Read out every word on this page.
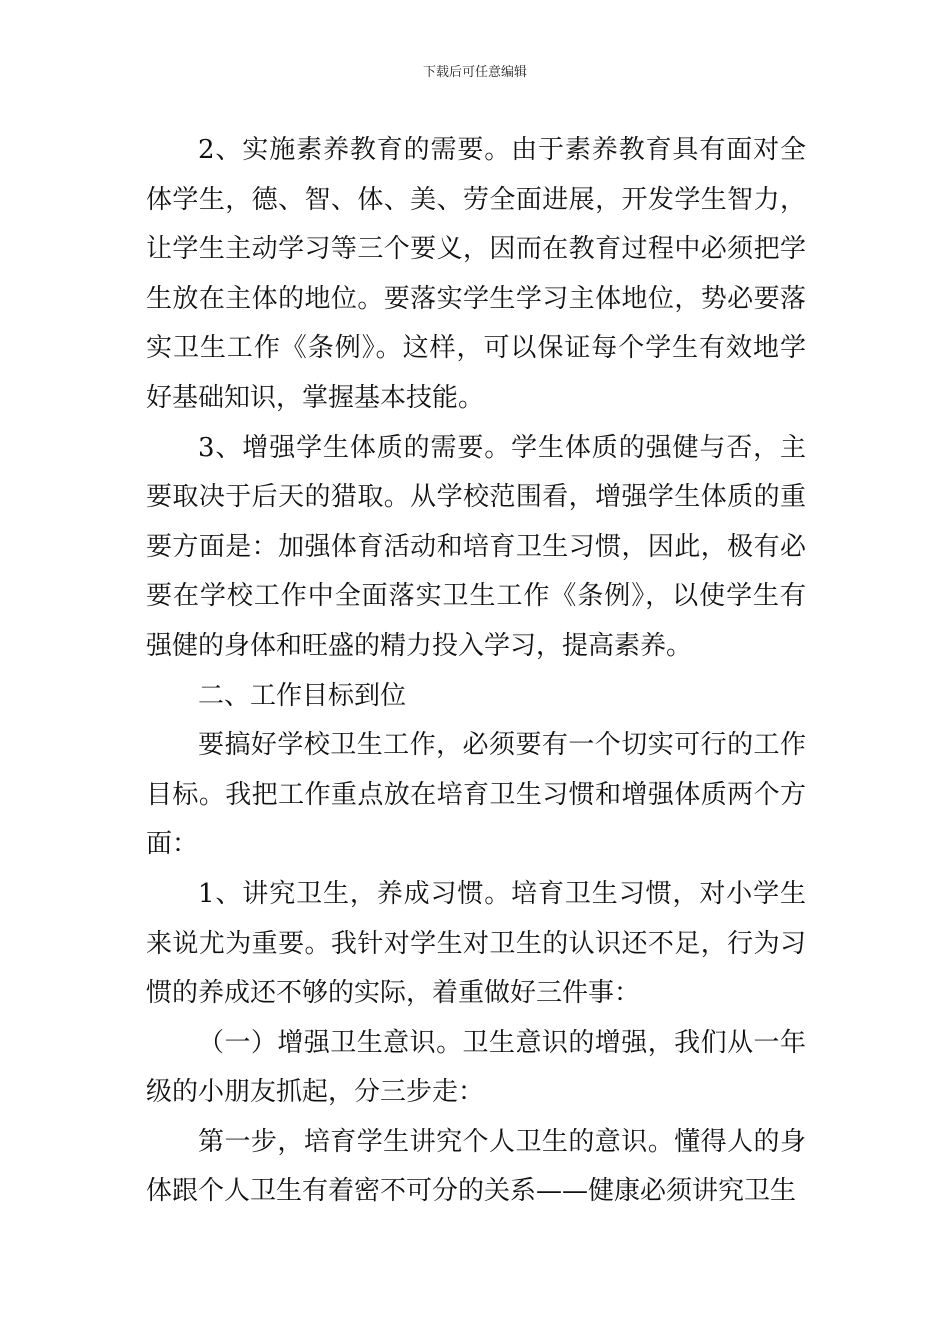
下载后可任意编辑

2、实施素养教育的需要。由于素养教育具有面对全体学生，德、智、体、美、劳全面进展，开发学生智力，让学生主动学习等三个要义，因而在教育过程中必须把学生放在主体的地位。要落实学生学习主体地位，势必要落实卫生工作《条例》。这样，可以保证每个学生有效地学好基础知识，掌握基本技能。

3、增强学生体质的需要。学生体质的强健与否，主要取决于后天的猎取。从学校范围看，增强学生体质的重要方面是：加强体育活动和培育卫生习惯，因此，极有必要在学校工作中全面落实卫生工作《条例》，以使学生有强健的身体和旺盛的精力投入学习，提高素养。

二、工作目标到位

要搞好学校卫生工作，必须要有一个切实可行的工作目标。我把工作重点放在培育卫生习惯和增强体质两个方面：

1、讲究卫生，养成习惯。培育卫生习惯，对小学生来说尤为重要。我针对学生对卫生的认识还不足，行为习惯的养成还不够的实际，着重做好三件事：

（一）增强卫生意识。卫生意识的增强，我们从一年级的小朋友抓起，分三步走：

第一步，培育学生讲究个人卫生的意识。懂得人的身体跟个人卫生有着密不可分的关系——健康必须讲究卫生
